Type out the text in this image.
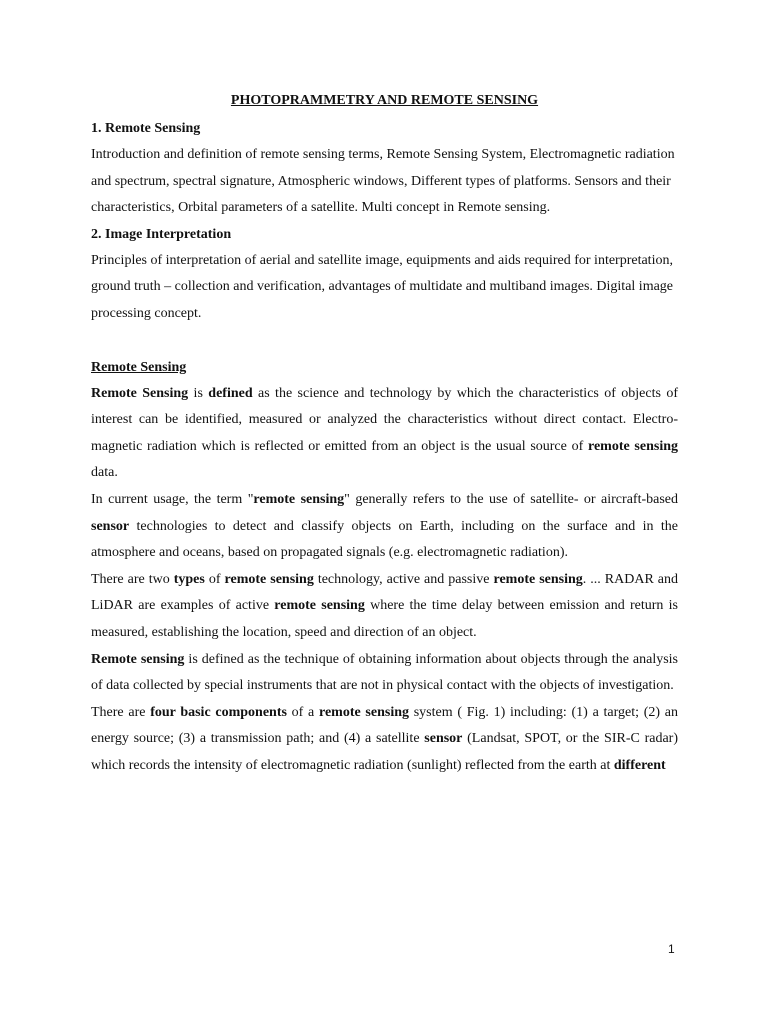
PHOTOPRAMMETRY AND REMOTE SENSING

1. Remote Sensing

Introduction and definition of remote sensing terms, Remote Sensing System, Electromagnetic radiation and spectrum, spectral signature, Atmospheric windows, Different types of platforms. Sensors and their characteristics, Orbital parameters of a satellite. Multi concept in Remote sensing.

2. Image Interpretation

Principles of interpretation of aerial and satellite image, equipments and aids required for interpretation, ground truth – collection and verification, advantages of multidate and multiband images. Digital image processing concept.

Remote Sensing

Remote Sensing is defined as the science and technology by which the characteristics of objects of interest can be identified, measured or analyzed the characteristics without direct contact. Electro-magnetic radiation which is reflected or emitted from an object is the usual source of remote sensing data.

In current usage, the term "remote sensing" generally refers to the use of satellite- or aircraft-based sensor technologies to detect and classify objects on Earth, including on the surface and in the atmosphere and oceans, based on propagated signals (e.g. electromagnetic radiation).

There are two types of remote sensing technology, active and passive remote sensing. ... RADAR and LiDAR are examples of active remote sensing where the time delay between emission and return is measured, establishing the location, speed and direction of an object.

Remote sensing is defined as the technique of obtaining information about objects through the analysis of data collected by special instruments that are not in physical contact with the objects of investigation.

There are four basic components of a remote sensing system ( Fig. 1) including: (1) a target; (2) an energy source; (3) a transmission path; and (4) a satellite sensor (Landsat, SPOT, or the SIR-C radar) which records the intensity of electromagnetic radiation (sunlight) reflected from the earth at different

1
